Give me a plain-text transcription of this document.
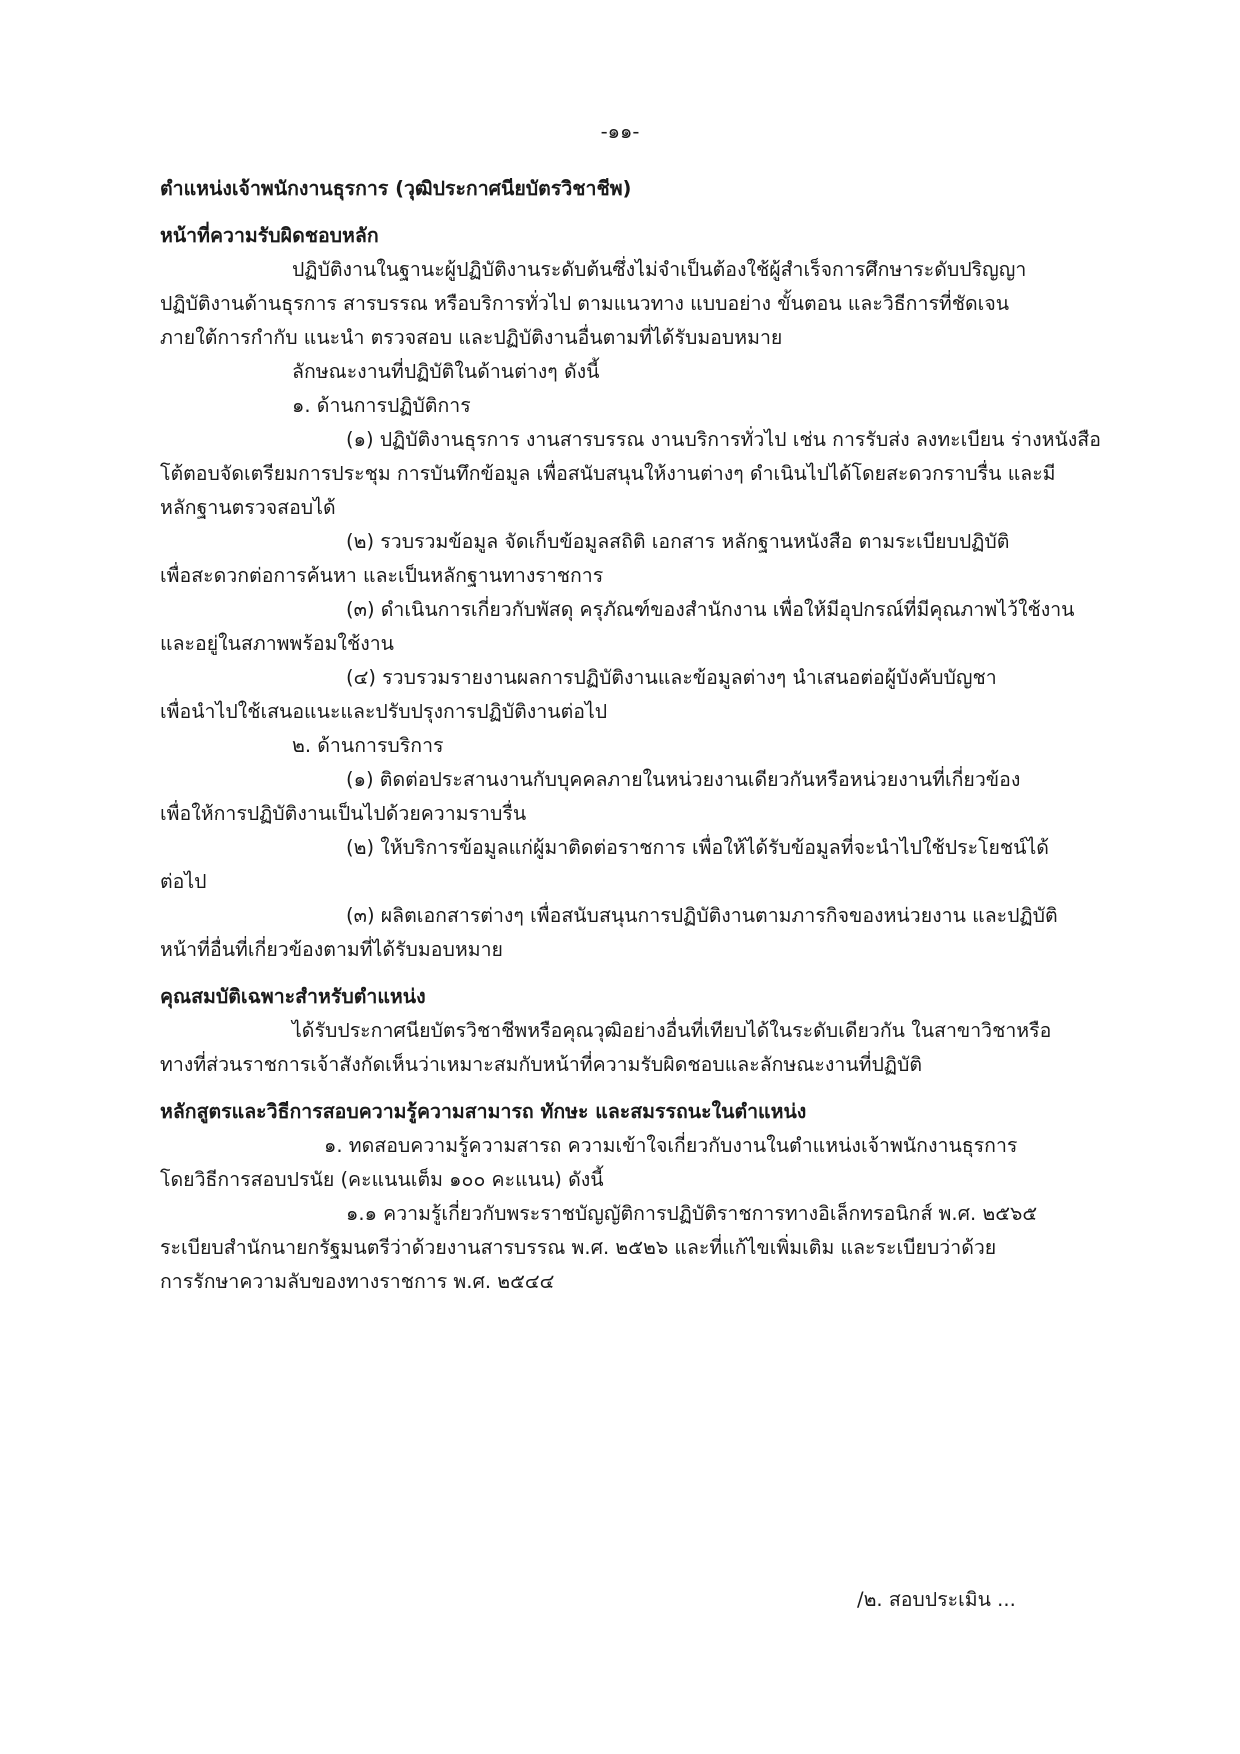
-๑๑-
ตำแหน่งเจ้าพนักงานธุรการ (วุฒิประกาศนียบัตรวิชาชีพ)
หน้าที่ความรับผิดชอบหลัก
ปฏิบัติงานในฐานะผู้ปฏิบัติงานระดับต้นซึ่งไม่จำเป็นต้องใช้ผู้สำเร็จการศึกษาระดับปริญญา
ปฏิบัติงานด้านธุรการ สารบรรณ หรือบริการทั่วไป ตามแนวทาง แบบอย่าง ขั้นตอน และวิธีการที่ชัดเจน
ภายใต้การกำกับ แนะนำ ตรวจสอบ และปฏิบัติงานอื่นตามที่ได้รับมอบหมาย
ลักษณะงานที่ปฏิบัติในด้านต่างๆ ดังนี้
๑. ด้านการปฏิบัติการ
(๑) ปฏิบัติงานธุรการ งานสารบรรณ งานบริการทั่วไป เช่น การรับส่ง ลงทะเบียน ร่างหนังสือ
โต้ตอบจัดเตรียมการประชุม การบันทึกข้อมูล เพื่อสนับสนุนให้งานต่างๆ ดำเนินไปได้โดยสะดวกราบรื่น และมี
หลักฐานตรวจสอบได้
(๒) รวบรวมข้อมูล จัดเก็บข้อมูลสถิติ เอกสาร หลักฐานหนังสือ ตามระเบียบปฏิบัติ
เพื่อสะดวกต่อการค้นหา และเป็นหลักฐานทางราชการ
(๓) ดำเนินการเกี่ยวกับพัสดุ ครุภัณฑ์ของสำนักงาน เพื่อให้มีอุปกรณ์ที่มีคุณภาพไว้ใช้งาน
และอยู่ในสภาพพร้อมใช้งาน
(๔) รวบรวมรายงานผลการปฏิบัติงานและข้อมูลต่างๆ นำเสนอต่อผู้บังคับบัญชา
เพื่อนำไปใช้เสนอแนะและปรับปรุงการปฏิบัติงานต่อไป
๒. ด้านการบริการ
(๑) ติดต่อประสานงานกับบุคคลภายในหน่วยงานเดียวกันหรือหน่วยงานที่เกี่ยวข้อง
เพื่อให้การปฏิบัติงานเป็นไปด้วยความราบรื่น
(๒) ให้บริการข้อมูลแก่ผู้มาติดต่อราชการ เพื่อให้ได้รับข้อมูลที่จะนำไปใช้ประโยชน์ได้
ต่อไป
(๓) ผลิตเอกสารต่างๆ เพื่อสนับสนุนการปฏิบัติงานตามภารกิจของหน่วยงาน และปฏิบัติ
หน้าที่อื่นที่เกี่ยวข้องตามที่ได้รับมอบหมาย
คุณสมบัติเฉพาะสำหรับตำแหน่ง
ได้รับประกาศนียบัตรวิชาชีพหรือคุณวุฒิอย่างอื่นที่เทียบได้ในระดับเดียวกัน ในสาขาวิชาหรือ
ทางที่ส่วนราชการเจ้าสังกัดเห็นว่าเหมาะสมกับหน้าที่ความรับผิดชอบและลักษณะงานที่ปฏิบัติ
หลักสูตรและวิธีการสอบความรู้ความสามารถ ทักษะ และสมรรถนะในตำแหน่ง
๑. ทดสอบความรู้ความสารถ ความเข้าใจเกี่ยวกับงานในตำแหน่งเจ้าพนักงานธุรการ
โดยวิธีการสอบปรนัย (คะแนนเต็ม ๑๐๐ คะแนน) ดังนี้
๑.๑ ความรู้เกี่ยวกับพระราชบัญญัติการปฏิบัติราชการทางอิเล็กทรอนิกส์ พ.ศ. ๒๕๖๕
ระเบียบสำนักนายกรัฐมนตรีว่าด้วยงานสารบรรณ พ.ศ. ๒๕๒๖ และที่แก้ไขเพิ่มเติม และระเบียบว่าด้วย
การรักษาความลับของทางราชการ พ.ศ. ๒๕๔๔
/๒. สอบประเมิน ...
